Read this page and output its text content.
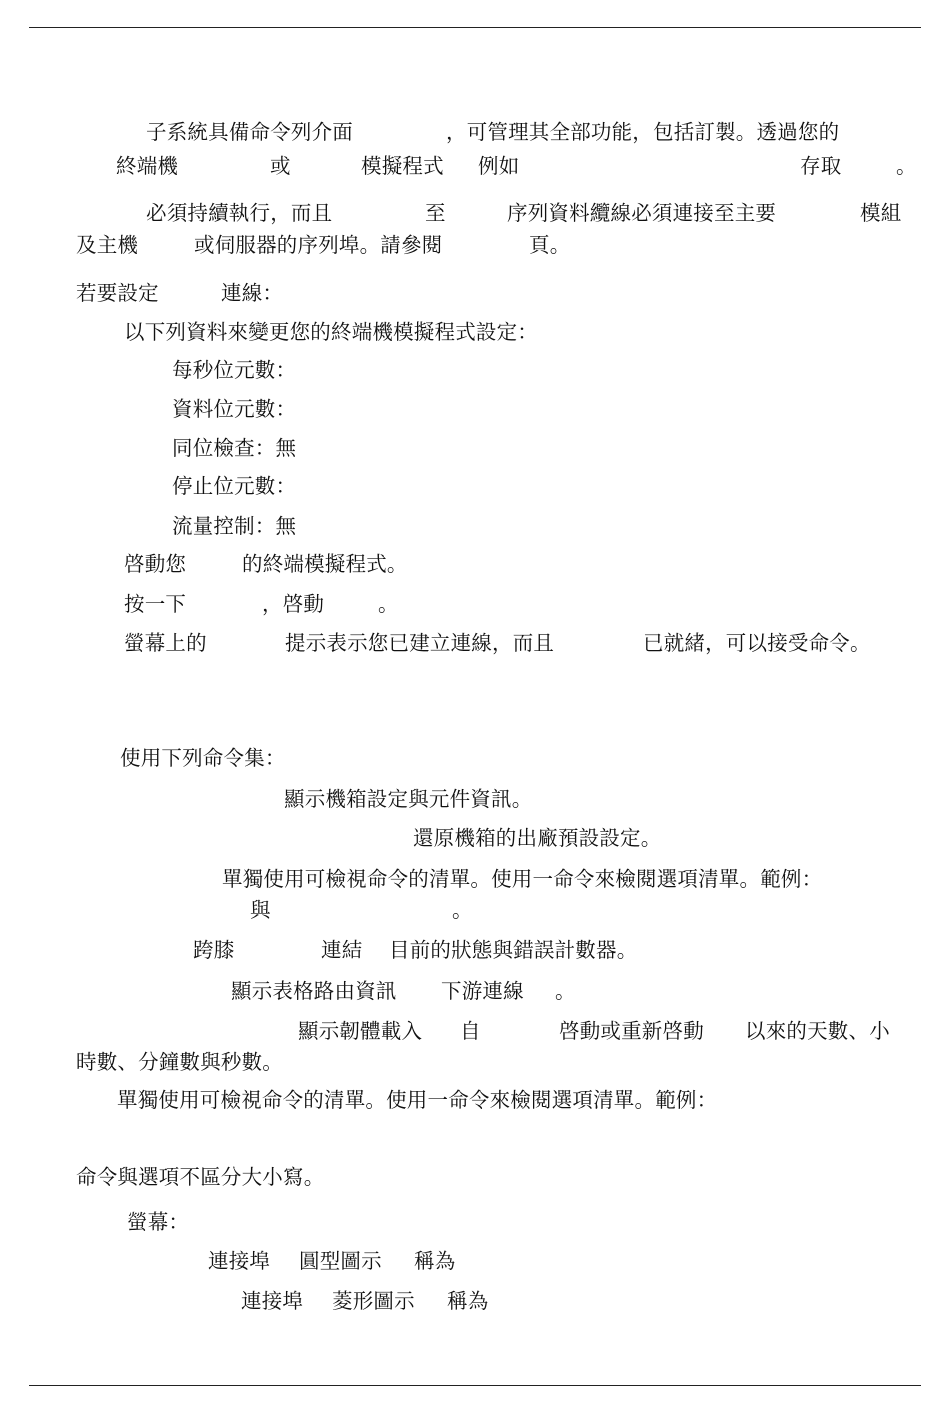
子系統具備命令列介面	，可管理其全部功能，包括訂製。透過您的
終端機	或	模擬程式 例如	存取	。
必須持續執行，而且	至	序列資料纜線必須連接至主要	模組
及主機	或伺服器的序列埠。請參閱	頁。
若要設定	連線：
以下列資料來變更您的終端機模擬程式設定：
每秒位元數：
資料位元數：
同位檢查：無
停止位元數：
流量控制：無
啓動您	的終端模擬程式。
按一下	，啓動	。
螢幕上的	提示表示您已建立連線，而且	已就緒，可以接受命令。
使用下列命令集：
顯示機箱設定與元件資訊。
還原機箱的出廠預設設定。
單獨使用可檢視命令的清單。使用一命令來檢閱選項清單。範例：
與	。
跨膝	連結 目前的狀態與錯誤計數器。
顯示表格路由資訊 下游連線 。
顯示韌體載入 自	啓動或重新啓動 以來的天數、小
時數、分鐘數與秒數。
單獨使用可檢視命令的清單。使用一命令來檢閱選項清單。範例：
命令與選項不區分大小寫。
螢幕：
連接埠 圓型圖示 稱為
連接埠 菱形圖示 稱為
